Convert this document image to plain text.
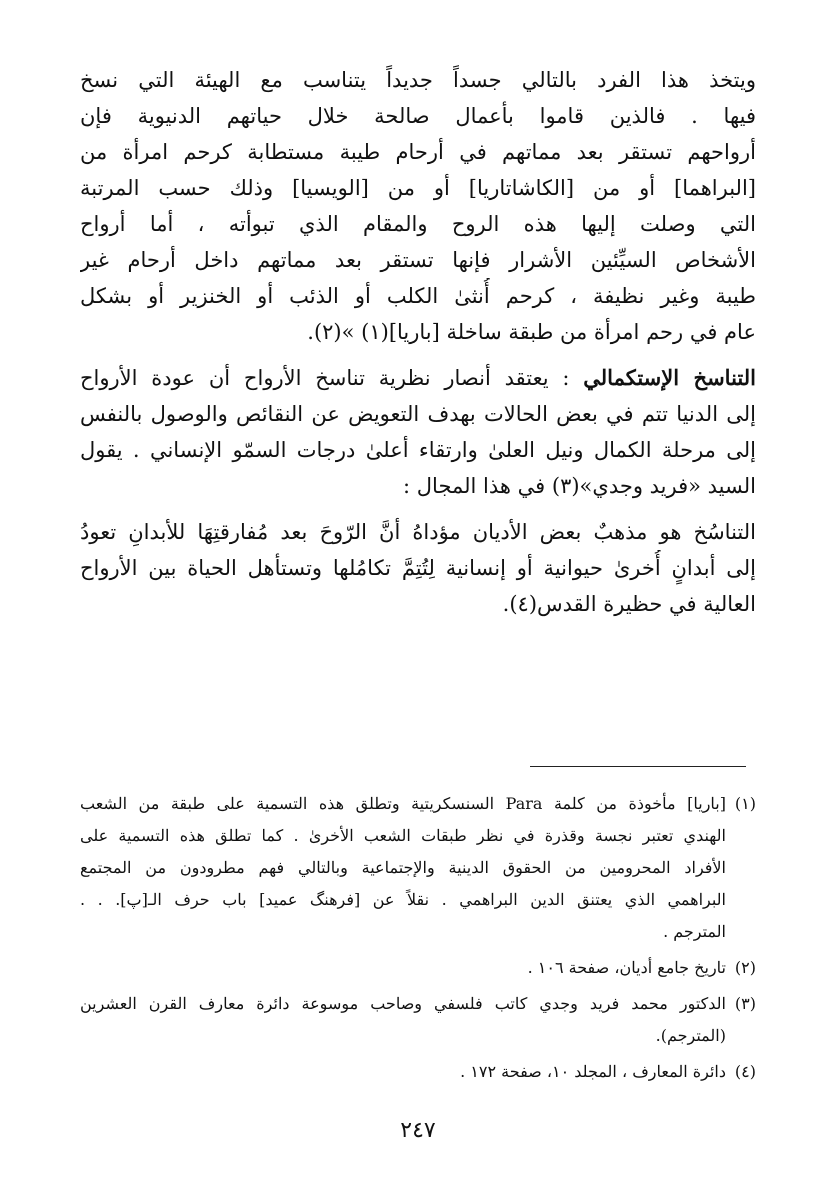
ويتخذ هذا الفرد بالتالي جسداً جديداً يتناسب مع الهيئة التي نسخ
فيها . فالذين قاموا بأعمال صالحة خلال حياتهم الدنيوية فإن
أرواحهم تستقر بعد مماتهم في أرحام طيبة مستطابة كرحم امرأة من
[البراهما] أو من [الكاشاتاريا] أو من [الويسيا] وذلك حسب المرتبة
التي وصلت إليها هذه الروح والمقام الذي تبوأته ، أما أرواح
الأشخاص السيِّئين الأشرار فإنها تستقر بعد مماتهم داخل أرحام غير
طيبة وغير نظيفة ، كرحم أُنثىٰ الكلب أو الذئب أو الخنزير أو بشكل
عام في رحم امرأة من طبقة ساخلة [باريا](١) »(٢).
التناسخ الإستكمالي : يعتقد أنصار نظرية تناسخ الأرواح أن عودة الأرواح
إلى الدنيا تتم في بعض الحالات بهدف التعويض عن النقائص والوصول بالنفس
إلى مرحلة الكمال ونيل العلىٰ وارتقاء أعلىٰ درجات السمّو الإنساني . يقول
السيد «فريد وجدي»(٣) في هذا المجال :
التناسُخ هو مذهبٌ بعض الأديان مؤداهُ أنَّ الرّوحَ بعد مُفارقتِهَا للأبدانِ تعودُ
إلى أبدانٍ أُخرىٰ حيوانية أو إنسانية لِتُتِمَّ تكامُلها وتستأهل الحياة بين الأرواح
العالية في حظيرة القدس(٤).
(١)
[باريا] مأخوذة من كلمة Para السنسكريتية وتطلق هذه التسمية على طبقة من الشعب
الهندي تعتبر نجسة وقذرة في نظر طبقات الشعب الأخرىٰ . كما تطلق هذه التسمية على
الأفراد المحرومين من الحقوق الدينية والإجتماعية وبالتالي فهم مطرودون من المجتمع
البراهمي الذي يعتنق الدين البراهمي . نقلاً عن [فرهنگ عميد] باب حرف الـ[پ]. . .
المترجم .
(٢)
تاريخ جامع أديان، صفحة ١٠٦ .
(٣)
الدكتور محمد فريد وجدي كاتب فلسفي وصاحب موسوعة دائرة معارف القرن العشرين
(المترجم).
(٤)
دائرة المعارف ، المجلد ١٠، صفحة ١٧٢ .
٢٤٧
